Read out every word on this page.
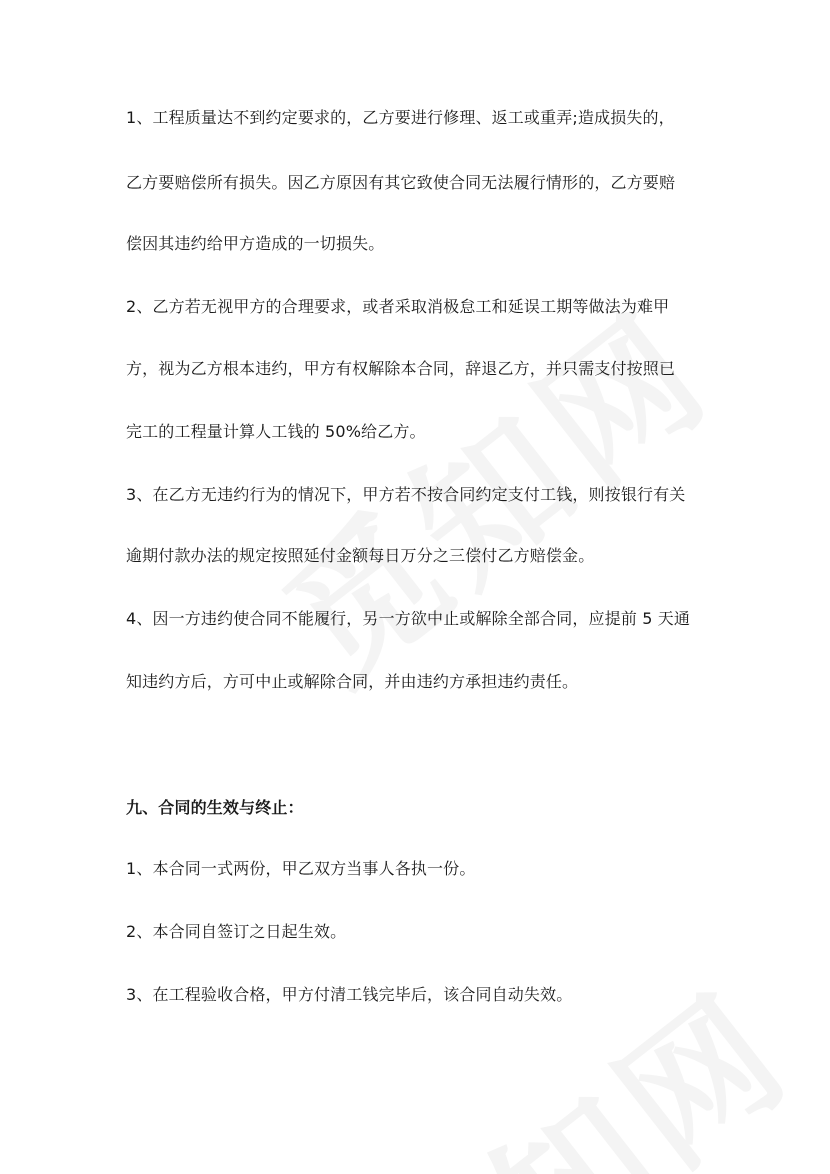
1、工程质量达不到约定要求的，乙方要进行修理、返工或重弄;造成损失的，
乙方要赔偿所有损失。因乙方原因有其它致使合同无法履行情形的，乙方要赔
偿因其违约给甲方造成的一切损失。
2、乙方若无视甲方的合理要求，或者采取消极怠工和延误工期等做法为难甲
方，视为乙方根本违约，甲方有权解除本合同，辞退乙方，并只需支付按照已
完工的工程量计算人工钱的 50%给乙方。
3、在乙方无违约行为的情况下，甲方若不按合同约定支付工钱，则按银行有关
逾期付款办法的规定按照延付金额每日万分之三偿付乙方赔偿金。
4、因一方违约使合同不能履行，另一方欲中止或解除全部合同，应提前 5 天通
知违约方后，方可中止或解除合同，并由违约方承担违约责任。
九、合同的生效与终止：
1、本合同一式两份，甲乙双方当事人各执一份。
2、本合同自签订之日起生效。
3、在工程验收合格，甲方付清工钱完毕后，该合同自动失效。
